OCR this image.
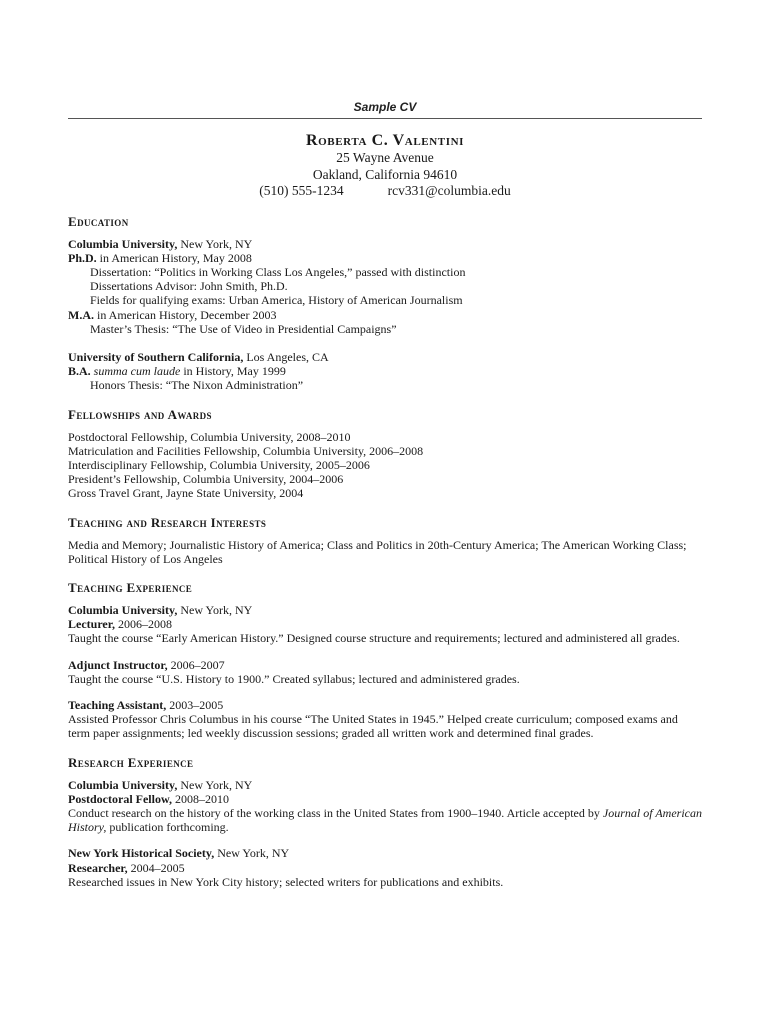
Sample CV
Roberta C. Valentini
25 Wayne Avenue
Oakland, California 94610
(510) 555-1234	rcv331@columbia.edu
Education
Columbia University, New York, NY
Ph.D. in American History, May 2008
Dissertation: “Politics in Working Class Los Angeles,” passed with distinction
Dissertations Advisor: John Smith, Ph.D.
Fields for qualifying exams: Urban America, History of American Journalism
M.A. in American History, December 2003
Master’s Thesis: “The Use of Video in Presidential Campaigns”
University of Southern California, Los Angeles, CA
B.A. summa cum laude in History, May 1999
Honors Thesis: “The Nixon Administration”
Fellowships and Awards
Postdoctoral Fellowship, Columbia University, 2008–2010
Matriculation and Facilities Fellowship, Columbia University, 2006–2008
Interdisciplinary Fellowship, Columbia University, 2005–2006
President’s Fellowship, Columbia University, 2004–2006
Gross Travel Grant, Jayne State University, 2004
Teaching and Research Interests
Media and Memory; Journalistic History of America; Class and Politics in 20th-Century America; The American Working Class; Political History of Los Angeles
Teaching Experience
Columbia University, New York, NY
Lecturer, 2006–2008
Taught the course “Early American History.” Designed course structure and requirements; lectured and administered all grades.
Adjunct Instructor, 2006–2007
Taught the course “U.S. History to 1900.” Created syllabus; lectured and administered grades.
Teaching Assistant, 2003–2005
Assisted Professor Chris Columbus in his course “The United States in 1945.” Helped create curriculum; composed exams and term paper assignments; led weekly discussion sessions; graded all written work and determined final grades.
Research Experience
Columbia University, New York, NY
Postdoctoral Fellow, 2008–2010
Conduct research on the history of the working class in the United States from 1900–1940. Article accepted by Journal of American History, publication forthcoming.
New York Historical Society, New York, NY
Researcher, 2004–2005
Researched issues in New York City history; selected writers for publications and exhibits.
